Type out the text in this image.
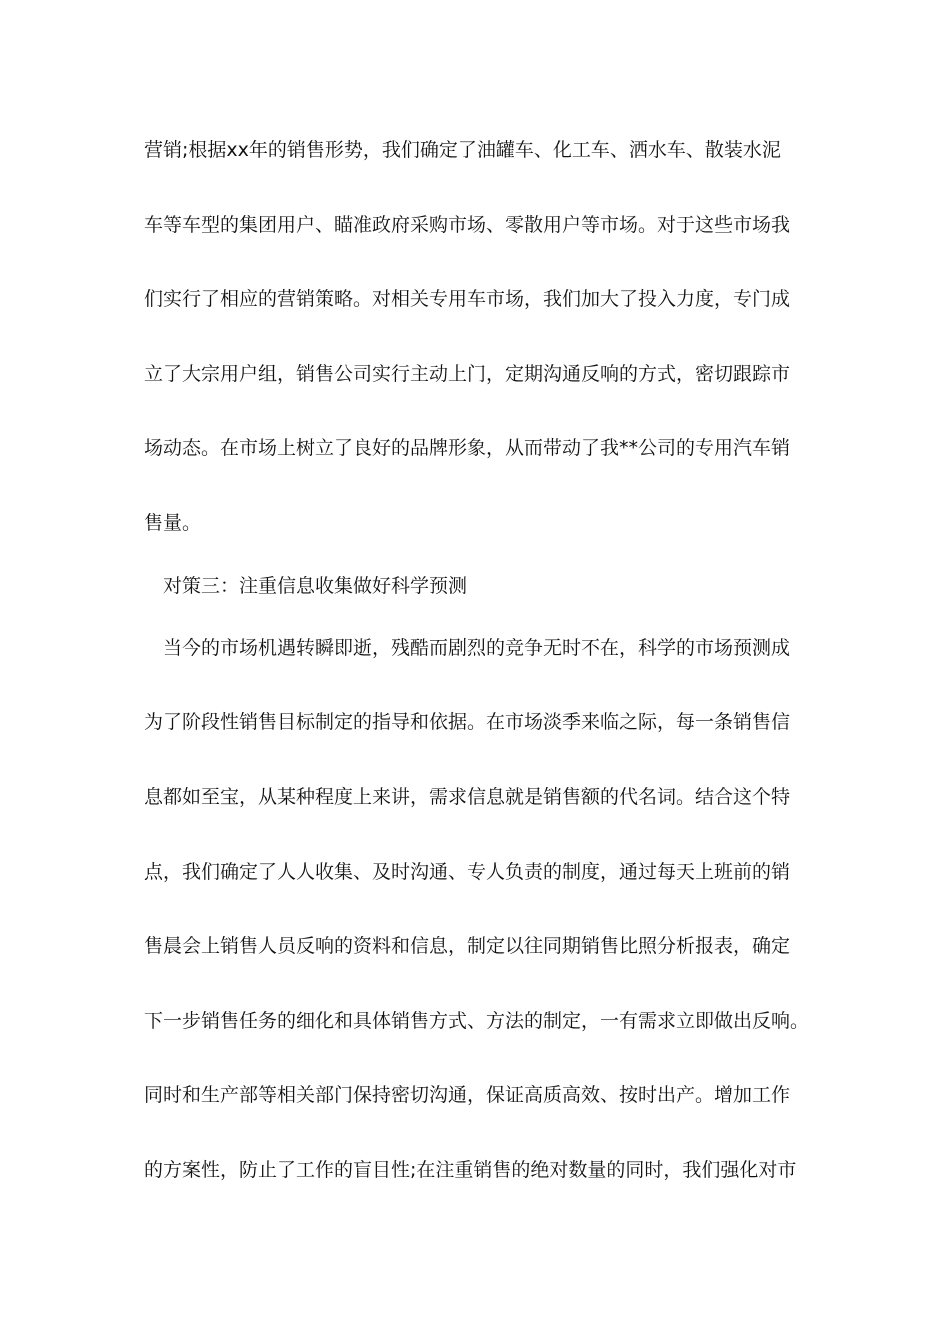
营销;根据xx年的销售形势，我们确定了油罐车、化工车、洒水车、散装水泥
车等车型的集团用户、瞄准政府采购市场、零散用户等市场。对于这些市场我
们实行了相应的营销策略。对相关专用车市场，我们加大了投入力度，专门成
立了大宗用户组，销售公司实行主动上门，定期沟通反响的方式，密切跟踪市
场动态。在市场上树立了良好的品牌形象，从而带动了我**公司的专用汽车销
售量。
对策三：注重信息收集做好科学预测
当今的市场机遇转瞬即逝，残酷而剧烈的竞争无时不在，科学的市场预测成
为了阶段性销售目标制定的指导和依据。在市场淡季来临之际，每一条销售信
息都如至宝，从某种程度上来讲，需求信息就是销售额的代名词。结合这个特
点，我们确定了人人收集、及时沟通、专人负责的制度，通过每天上班前的销
售晨会上销售人员反响的资料和信息，制定以往同期销售比照分析报表，确定
下一步销售任务的细化和具体销售方式、方法的制定，一有需求立即做出反响。
同时和生产部等相关部门保持密切沟通，保证高质高效、按时出产。增加工作
的方案性，防止了工作的盲目性;在注重销售的绝对数量的同时，我们强化对市
